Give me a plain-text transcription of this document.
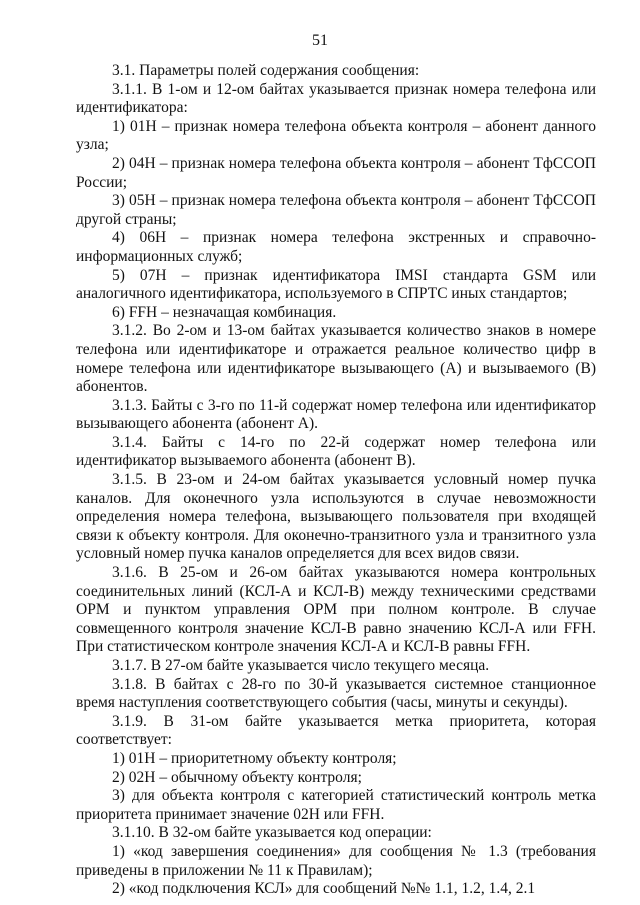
51

3.1. Параметры полей содержания сообщения:

3.1.1. В 1-ом и 12-ом байтах указывается признак номера телефона или идентификатора:

1) 01H – признак номера телефона объекта контроля – абонент данного узла;

2) 04H – признак номера телефона объекта контроля – абонент ТфССОП России;

3) 05H – признак номера телефона объекта контроля – абонент ТфССОП другой страны;

4) 06H – признак номера телефона экстренных и справочно-информационных служб;

5) 07H – признак идентификатора IMSI стандарта GSM или аналогичного идентификатора, используемого в СПРТС иных стандартов;

6) FFH – незначащая комбинация.

3.1.2. Во 2-ом и 13-ом байтах указывается количество знаков в номере телефона или идентификаторе и отражается реальное количество цифр в номере телефона или идентификаторе вызывающего (А) и вызываемого (В) абонентов.

3.1.3. Байты с 3-го по 11-й содержат номер телефона или идентификатор вызывающего абонента (абонент А).

3.1.4. Байты с 14-го по 22-й содержат номер телефона или идентификатор вызываемого абонента (абонент В).

3.1.5. В 23-ом и 24-ом байтах указывается условный номер пучка каналов. Для оконечного узла используются в случае невозможности определения номера телефона, вызывающего пользователя при входящей связи к объекту контроля. Для оконечно-транзитного узла и транзитного узла условный номер пучка каналов определяется для всех видов связи.

3.1.6. В 25-ом и 26-ом байтах указываются номера контрольных соединительных линий (КСЛ-А и КСЛ-В) между техническими средствами ОРМ и пунктом управления ОРМ при полном контроле. В случае совмещенного контроля значение КСЛ-В равно значению КСЛ-А или FFH. При статистическом контроле значения КСЛ-А и КСЛ-В равны FFH.

3.1.7. В 27-ом байте указывается число текущего месяца.

3.1.8. В байтах с 28-го по 30-й указывается системное станционное время наступления соответствующего события (часы, минуты и секунды).

3.1.9. В 31-ом байте указывается метка приоритета, которая соответствует:

1) 01H – приоритетному объекту контроля;

2) 02H – обычному объекту контроля;

3) для объекта контроля с категорией статистический контроль метка приоритета принимает значение 02H или FFH.

3.1.10. В 32-ом байте указывается код операции:

1) «код завершения соединения» для сообщения № 1.3 (требования приведены в приложении № 11 к Правилам);

2) «код подключения КСЛ» для сообщений №№ 1.1, 1.2, 1.4, 2.1
